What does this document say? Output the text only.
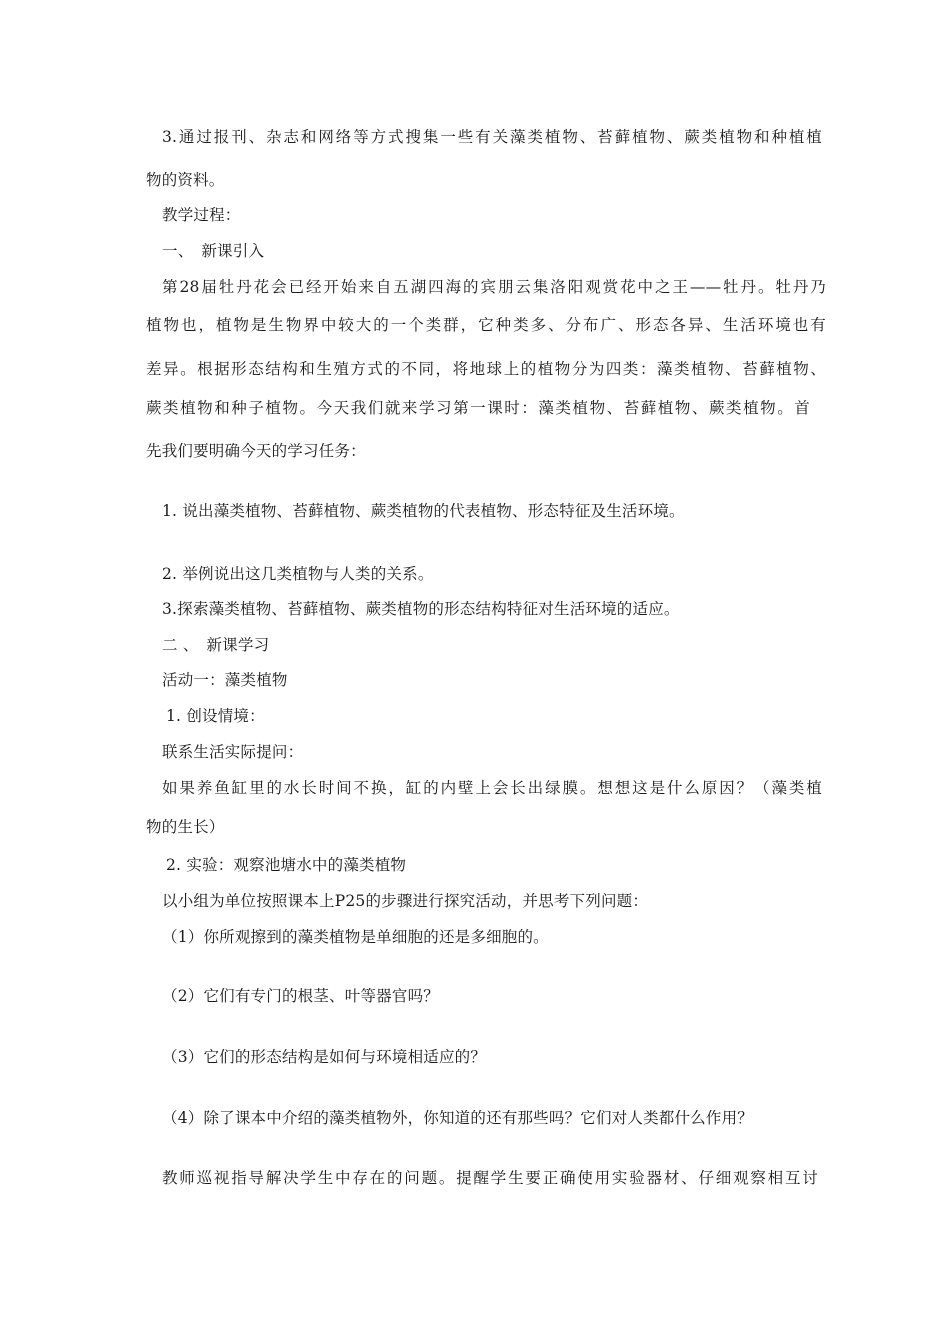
3.通过报刊、杂志和网络等方式搜集一些有关藻类植物、苔藓植物、蕨类植物和种植植
物的资料。
教学过程：
一、　新课引入
第28届牡丹花会已经开始来自五湖四海的宾朋云集洛阳观赏花中之王——牡丹。牡丹乃
植物也，植物是生物界中较大的一个类群，它种类多、分布广、形态各异、生活环境也有
差异。根据形态结构和生殖方式的不同，将地球上的植物分为四类：藻类植物、苔藓植物、
蕨类植物和种子植物。今天我们就来学习第一课时：藻类植物、苔藓植物、蕨类植物。首
先我们要明确今天的学习任务：
1. 说出藻类植物、苔藓植物、蕨类植物的代表植物、形态特征及生活环境。
2. 举例说出这几类植物与人类的关系。
3.探索藻类植物、苔藓植物、蕨类植物的形态结构特征对生活环境的适应。
二 、　新课学习
活动一：藻类植物
1. 创设情境：
联系生活实际提问：
如果养鱼缸里的水长时间不换，缸的内壁上会长出绿膜。想想这是什么原因？（藻类植
物的生长）
2. 实验：观察池塘水中的藻类植物
以小组为单位按照课本上P25的步骤进行探究活动，并思考下列问题：
（1）你所观擦到的藻类植物是单细胞的还是多细胞的。
（2）它们有专门的根茎、叶等器官吗？
（3）它们的形态结构是如何与环境相适应的？
（4）除了课本中介绍的藻类植物外，你知道的还有那些吗？它们对人类都什么作用？
教师巡视指导解决学生中存在的问题。提醒学生要正确使用实验器材、仔细观察相互讨
